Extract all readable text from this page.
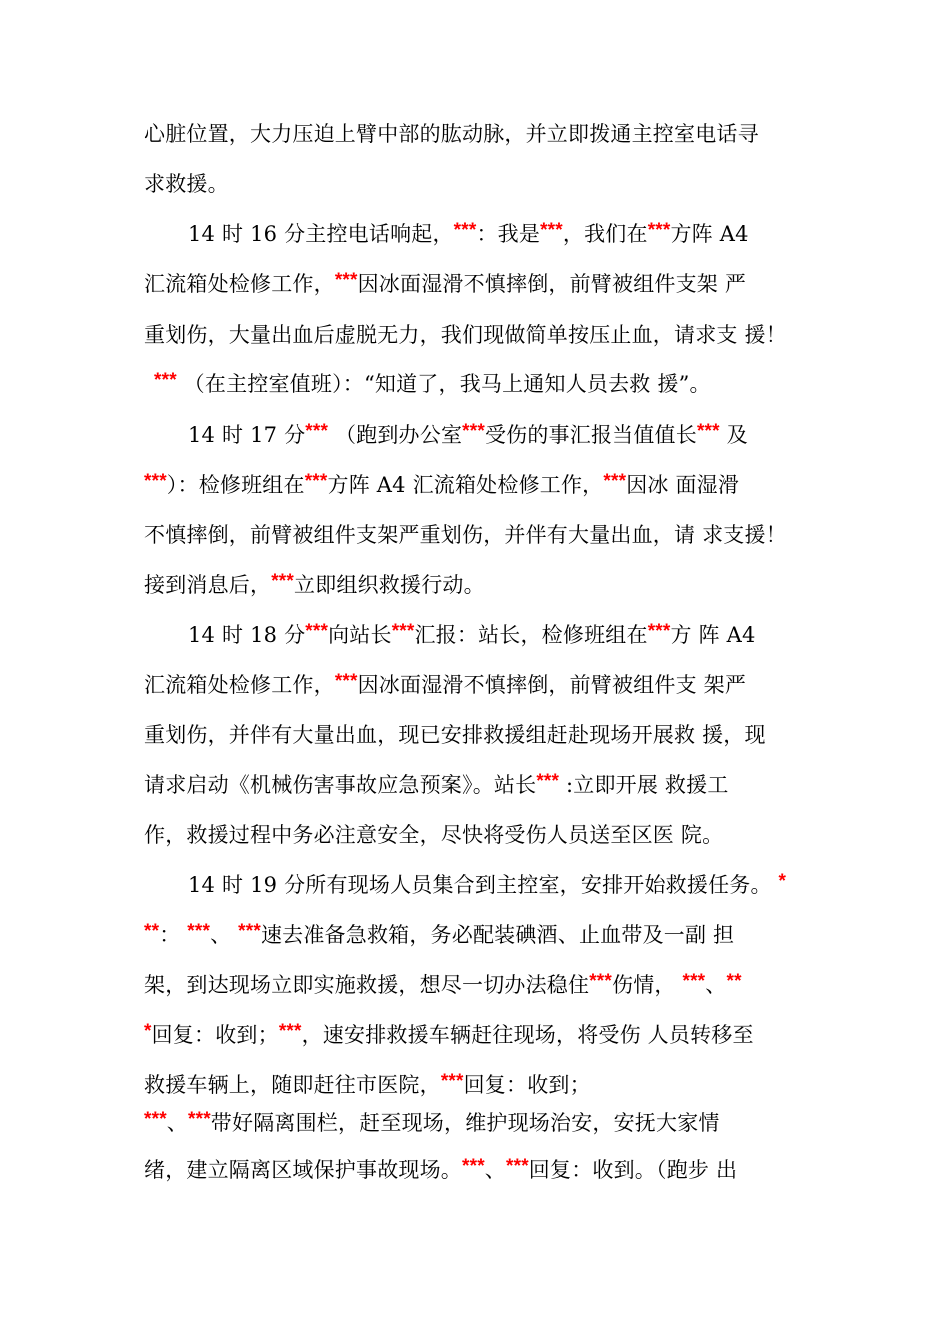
心脏位置，大力压迫上臂中部的肱动脉，并立即拨通主控室电话寻
求救援。
14 时 16 分主控电话响起，***：我是***，我们在***方阵 A4
汇流箱处检修工作，***因冰面湿滑不慎摔倒，前臂被组件支架 严
重划伤，大量出血后虚脱无力，我们现做简单按压止血，请求支 援！
*** （在主控室值班）：“知道了，我马上通知人员去救 援”。
14 时 17 分*** （跑到办公室***受伤的事汇报当值值长*** 及
***）：检修班组在***方阵 A4 汇流箱处检修工作，***因冰 面湿滑
不慎摔倒，前臂被组件支架严重划伤，并伴有大量出血，请 求支援！
接到消息后，***立即组织救援行动。
14 时 18 分***向站长***汇报：站长，检修班组在***方 阵 A4
汇流箱处检修工作，***因冰面湿滑不慎摔倒，前臂被组件支 架严
重划伤，并伴有大量出血，现已安排救援组赶赴现场开展救 援，现
请求启动《机械伤害事故应急预案》。站长*** :立即开展 救援工
作，救援过程中务必注意安全，尽快将受伤人员送至区医 院。
14 时 19 分所有现场人员集合到主控室，安排开始救援任务。 *
**： ***、 ***速去准备急救箱，务必配装碘酒、止血带及一副 担
架，到达现场立即实施救援，想尽一切办法稳住***伤情， ***、**
*回复：收到；***，速安排救援车辆赶往现场，将受伤 人员转移至
救援车辆上，随即赶往市医院，***回复：收到；
***、***带好隔离围栏，赶至现场，维护现场治安，安抚大家情
绪，建立隔离区域保护事故现场。***、***回复：收到。（跑步 出
